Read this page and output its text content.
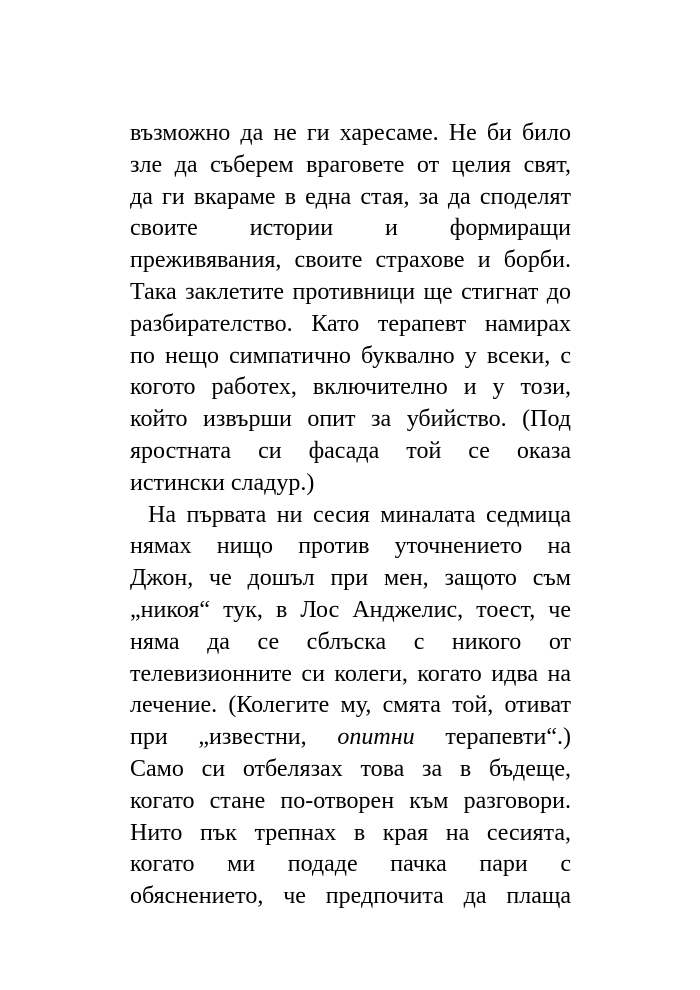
възможно да не ги харесаме. Не би било
зле да съберем враговете от целия свят,
да ги вкараме в една стая, за да споделят
своите истории и формиращи
преживявания, своите страхове и борби.
Така заклетите противници ще стигнат до
разбирателство. Като терапевт намирах
по нещо симпатично буквално у всеки, с
когото работех, включително и у този,
който извърши опит за убийство. (Под
яростната си фасада той се оказа
истински сладур.)
На първата ни сесия миналата седмица
нямах нищо против уточнението на
Джон, че дошъл при мен, защото съм
„никоя“ тук, в Лос Анджелис, тоест, че
няма да се сблъска с никого от
телевизионните си колеги, когато идва на
лечение. (Колегите му, смята той, отиват
при „известни, опитни терапевти“.)
Само си отбелязах това за в бъдеще,
когато стане по-отворен към разговори.
Нито пък трепнах в края на сесията,
когато ми подаде пачка пари с
обяснението, че предпочита да плаща
